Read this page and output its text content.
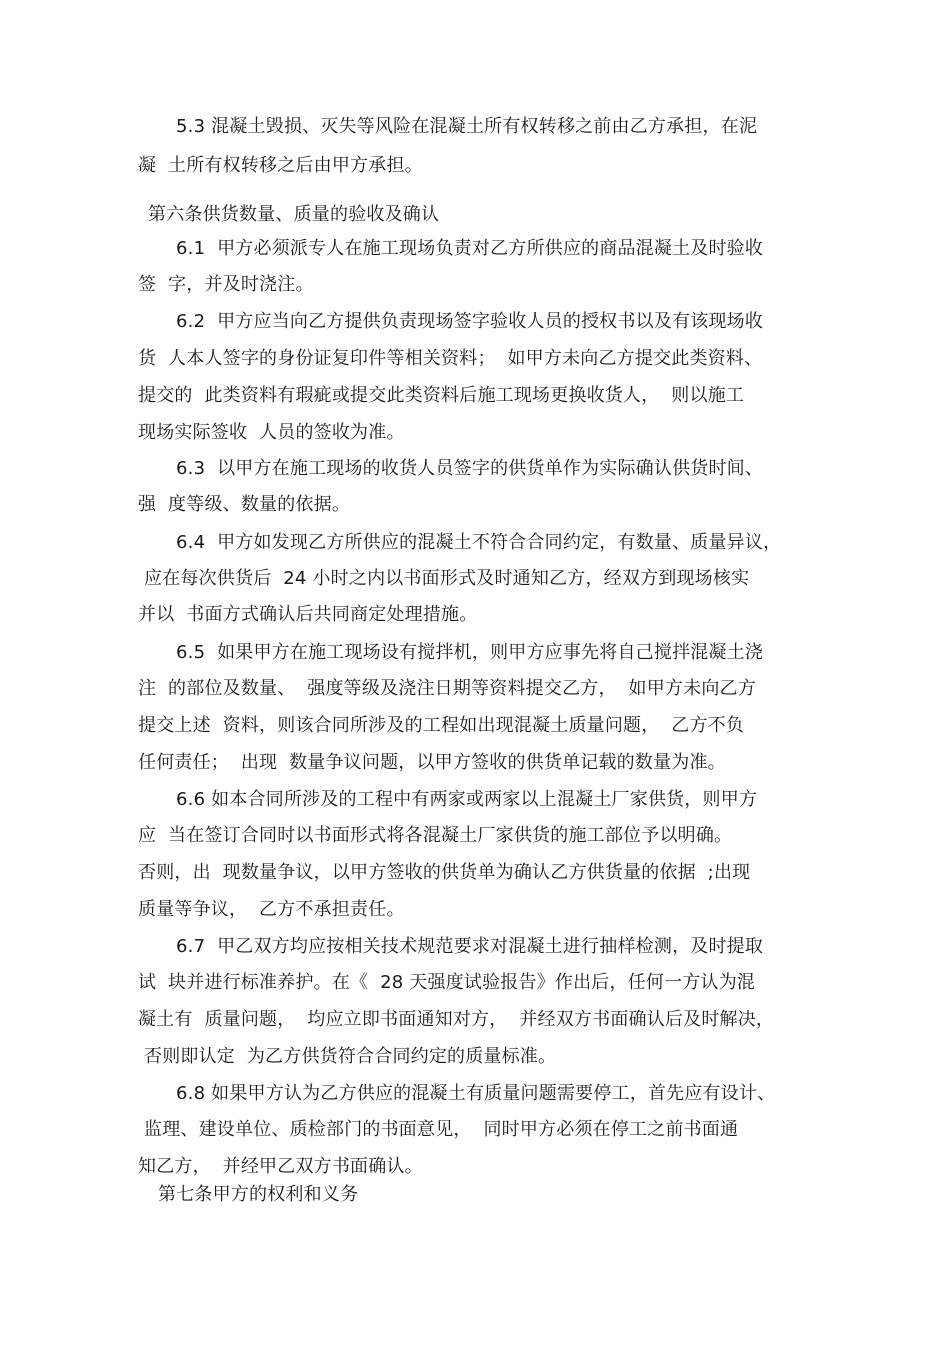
5.3 混凝土毁损、灭失等风险在混凝土所有权转移之前由乙方承担，在泥
凝  土所有权转移之后由甲方承担。
第六条供货数量、质量的验收及确认
6.1  甲方必须派专人在施工现场负责对乙方所供应的商品混凝土及时验收
签  字，并及时浇注。
6.2  甲方应当向乙方提供负责现场签字验收人员的授权书以及有该现场收
货  人本人签字的身份证复印件等相关资料；  如甲方未向乙方提交此类资料、
提交的  此类资料有瑕疵或提交此类资料后施工现场更换收货人，  则以施工
现场实际签收  人员的签收为准。
6.3  以甲方在施工现场的收货人员签字的供货单作为实际确认供货时间、
强  度等级、数量的依据。
6.4  甲方如发现乙方所供应的混凝土不符合合同约定，有数量、质量异议，
应在每次供货后  24 小时之内以书面形式及时通知乙方，经双方到现场核实
并以  书面方式确认后共同商定处理措施。
6.5  如果甲方在施工现场设有搅拌机，则甲方应事先将自己搅拌混凝土浇
注  的部位及数量、  强度等级及浇注日期等资料提交乙方，  如甲方未向乙方
提交上述  资料，则该合同所涉及的工程如出现混凝土质量问题，  乙方不负
任何责任；  出现  数量争议问题，以甲方签收的供货单记载的数量为准。
6.6 如本合同所涉及的工程中有两家或两家以上混凝土厂家供货，则甲方
应  当在签订合同时以书面形式将各混凝土厂家供货的施工部位予以明确。
否则，出  现数量争议，以甲方签收的供货单为确认乙方供货量的依据  ;出现
质量等争议，  乙方不承担责任。
6.7  甲乙双方均应按相关技术规范要求对混凝土进行抽样检测，及时提取
试  块并进行标准养护。在《  28 天强度试验报告》作出后，任何一方认为混
凝土有  质量问题，  均应立即书面通知对方，  并经双方书面确认后及时解决，
否则即认定  为乙方供货符合合同约定的质量标准。
6.8 如果甲方认为乙方供应的混凝土有质量问题需要停工，首先应有设计、
监理、建设单位、质检部门的书面意见，  同时甲方必须在停工之前书面通
知乙方，  并经甲乙双方书面确认。
第七条甲方的权利和义务
